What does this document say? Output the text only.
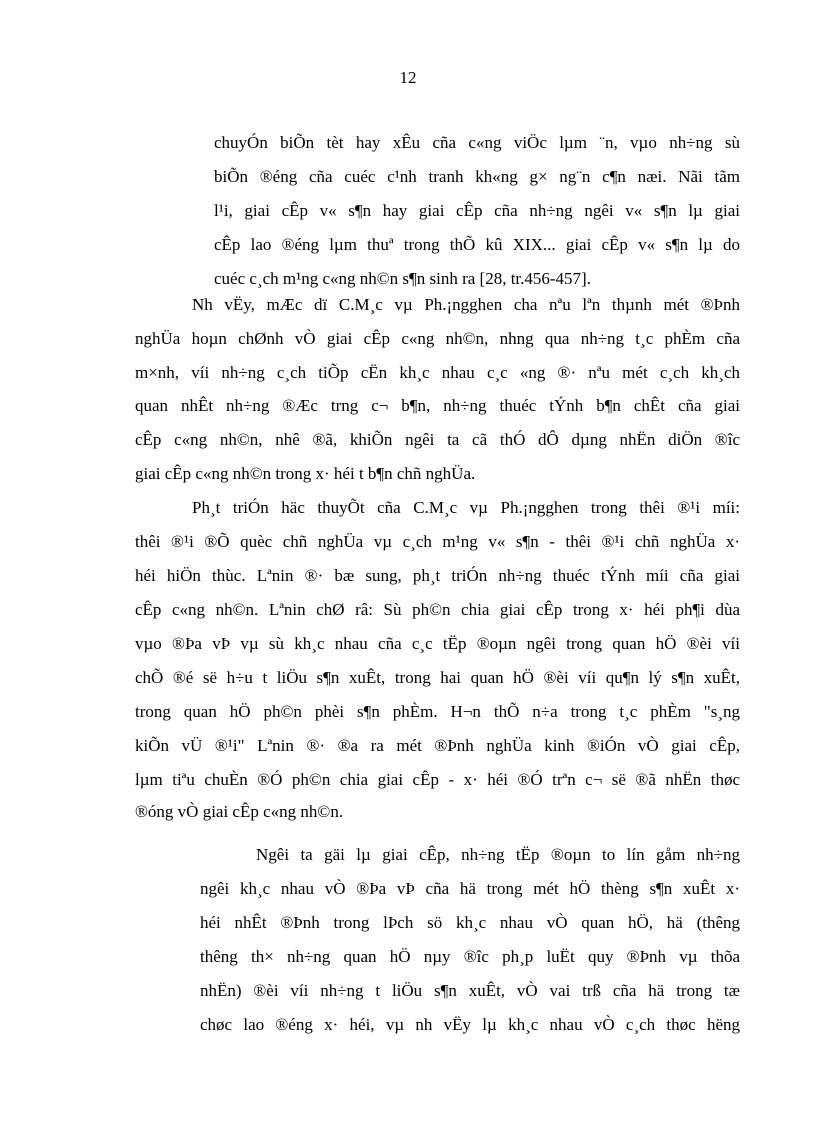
12
chuyÓn biÕn tèt hay xÊu cña c«ng viÖc lµm ¨n, vµo nh÷ng sù
biÕn ®éng cña cuéc c¹nh tranh kh«ng g× ng¨n c¶n næi. Nãi tãm
l¹i, giai cÊp v« s¶n hay giai cÊp cña nh÷ng ngêi v« s¶n lµ giai
cÊp lao ®éng lµm thuª trong thÕ kû XIX... giai cÊp v« s¶n lµ do
cuéc c¸ch m¹ng c«ng nh©n s¶n sinh ra [28, tr.456-457].
Nh vËy, mÆc dï C.M¸c vµ Ph.¡ngghen cha nªu lªn thµnh mét ®Þnh
nghÜa hoµn chØnh vÒ giai cÊp c«ng nh©n, nhng qua nh÷ng t¸c phÈm cña
m×nh, víi nh÷ng c¸ch tiÕp cËn kh¸c nhau c¸c «ng ®· nªu mét c¸ch kh¸ch
quan nhÊt nh÷ng ®Æc trng c¬ b¶n, nh÷ng thuéc tÝnh b¶n chÊt cña giai
cÊp c«ng nh©n, nhê ®ã, khiÕn ngêi ta cã thÓ dÔ dµng nhËn diÖn ®îc
giai cÊp c«ng nh©n trong x· héi t b¶n chñ nghÜa.
Ph¸t triÓn häc thuyÕt cña C.M¸c vµ Ph.¡ngghen trong thêi ®¹i míi:
thêi ®¹i ®Õ quèc chñ nghÜa vµ c¸ch m¹ng v« s¶n - thêi ®¹i chñ nghÜa x·
héi hiÖn thùc. Lªnin ®· bæ sung, ph¸t triÓn nh÷ng thuéc tÝnh míi cña giai
cÊp c«ng nh©n. Lªnin chØ râ: Sù ph©n chia giai cÊp trong x· héi ph¶i dùa
vµo ®Þa vÞ vµ sù kh¸c nhau cña c¸c tËp ®oµn ngêi trong quan hÖ ®èi víi
chÕ ®é së h÷u t liÖu s¶n xuÊt, trong hai quan hÖ ®èi víi qu¶n lý s¶n xuÊt,
trong quan hÖ ph©n phèi s¶n phÈm. H¬n thÕ n÷a trong t¸c phÈm "s¸ng
kiÕn vÜ ®¹i" Lªnin ®· ®a ra mét ®Þnh nghÜa kinh ®iÓn vÒ giai cÊp,
lµm tiªu chuÈn ®Ó ph©n chia giai cÊp - x· héi ®Ó trªn c¬ së ®ã nhËn thøc
®óng vÒ giai cÊp c«ng nh©n.
Ngêi ta gäi lµ giai cÊp, nh÷ng tËp ®oµn to lín gåm nh÷ng
ngêi kh¸c nhau vÒ ®Þa vÞ cña hä trong mét hÖ thèng s¶n xuÊt x·
héi nhÊt ®Þnh trong lÞch sö kh¸c nhau vÒ quan hÖ, hä (thêng
thêng th× nh÷ng quan hÖ nµy ®îc ph¸p luËt quy ®Þnh vµ thõa
nhËn) ®èi víi nh÷ng t liÖu s¶n xuÊt, vÒ vai trß cña hä trong tæ
chøc lao ®éng x· héi, vµ nh vËy lµ kh¸c nhau vÒ c¸ch thøc hëng
